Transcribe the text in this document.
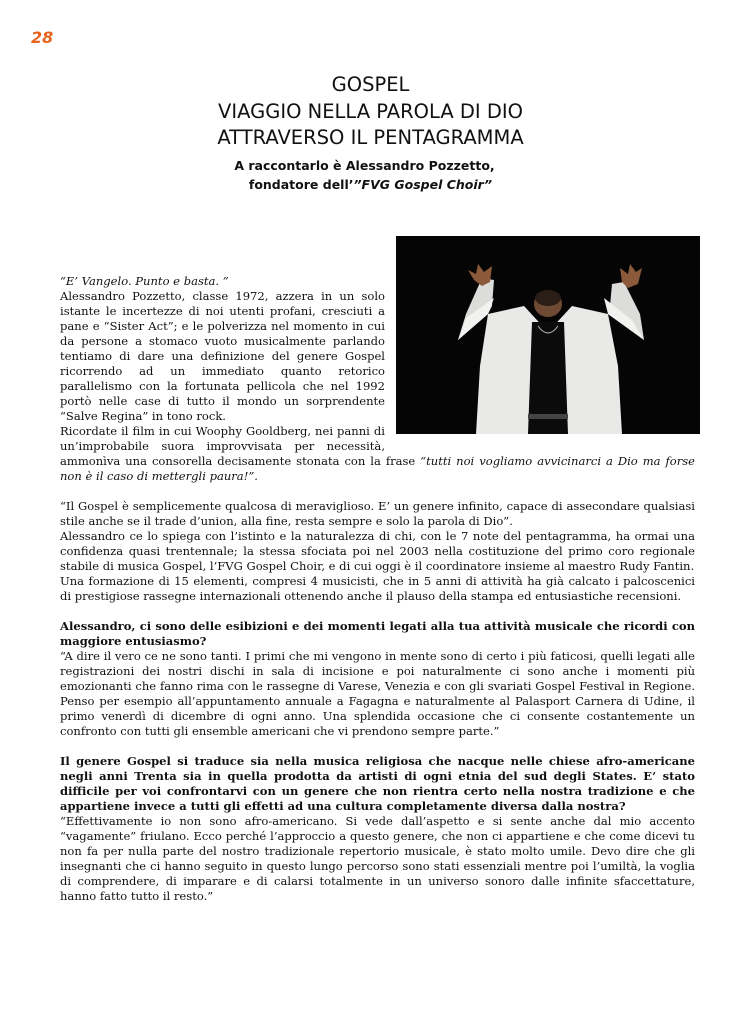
28
GOSPEL
VIAGGIO NELLA PAROLA DI DIO
ATTRAVERSO IL PENTAGRAMMA
A raccontarlo è Alessandro Pozzetto,
fondatore dell’”FVG Gospel Choir”

“E’ Vangelo. Punto e basta. ”

Alessandro Pozzetto, classe 1972, azzera in un solo istante le incertezze di noi utenti profani, cresciuti a pane e “Sister Act”; e le polverizza nel momento in cui da persone a stomaco vuoto musicalmente parlando tentiamo di dare una definizione del genere Gospel ricorrendo ad un immediato quanto retorico parallelismo con la fortunata pellicola che nel 1992 portò nelle case di tutto il mondo un sorprendente “Salve Regina” in tono rock.

Ricordate il film in cui Woophy Gooldberg, nei panni di un’improbabile suora improvvisata per necessità, ammonìva una consorella decisamente stonata con la frase “tutti noi vogliamo avvicinarci a Dio ma forse non è il caso di mettergli paura!”.

“Il Gospel è semplicemente qualcosa di meraviglioso. E’ un genere infinito, capace di assecondare qualsiasi stile anche se il trade d’union, alla fine, resta sempre e solo la parola di Dio”.

Alessandro ce lo spiega con l’istinto e la naturalezza di chi, con le 7 note del pentagramma, ha ormai una confidenza quasi trentennale; la stessa sfociata poi nel 2003 nella costituzione del primo coro regionale stabile di musica Gospel, l’FVG Gospel Choir, e di cui oggi è il coordinatore insieme al maestro Rudy Fantin.

Una formazione di 15 elementi, compresi 4 musicisti, che in 5 anni di attività ha già calcato i palcoscenici di prestigiose rassegne internazionali ottenendo anche il plauso della stampa ed entusiastiche recensioni.

Alessandro, ci sono delle esibizioni e dei momenti legati alla tua attività musicale che ricordi con maggiore entusiasmo?

“A dire il vero ce ne sono tanti. I primi che mi vengono in mente sono di certo i più faticosi, quelli legati alle registrazioni dei nostri dischi in sala di incisione e poi naturalmente ci sono anche i momenti più emozionanti che fanno rima con le rassegne di Varese, Venezia e con gli svariati Gospel Festival in Regione. Penso per esempio all’appuntamento annuale a Fagagna e naturalmente al Palasport Carnera di Udine, il primo venerdì di dicembre di ogni anno. Una splendida occasione che ci consente costantemente un confronto con tutti gli ensemble americani che vi prendono sempre parte.”

Il genere Gospel si traduce sia nella musica religiosa che nacque nelle chiese afro-americane negli anni Trenta sia in quella prodotta da artisti di ogni etnia del sud degli States. E’ stato difficile per voi confrontarvi con un genere che non rientra certo nella nostra tradizione e che appartiene invece a tutti gli effetti ad una cultura completamente diversa dalla nostra?

“Effettivamente io non sono afro-americano. Si vede dall’aspetto e si sente anche dal mio accento “vagamente” friulano. Ecco perché l’approccio a questo genere, che non ci appartiene e che come dicevi tu non fa per nulla parte del nostro tradizionale repertorio musicale, è stato molto umile. Devo dire che gli insegnanti che ci hanno seguito in questo lungo percorso sono stati essenziali mentre poi l’umiltà, la voglia di comprendere, di imparare e di calarsi totalmente in un universo sonoro dalle infinite sfaccettature, hanno fatto tutto il resto.”
